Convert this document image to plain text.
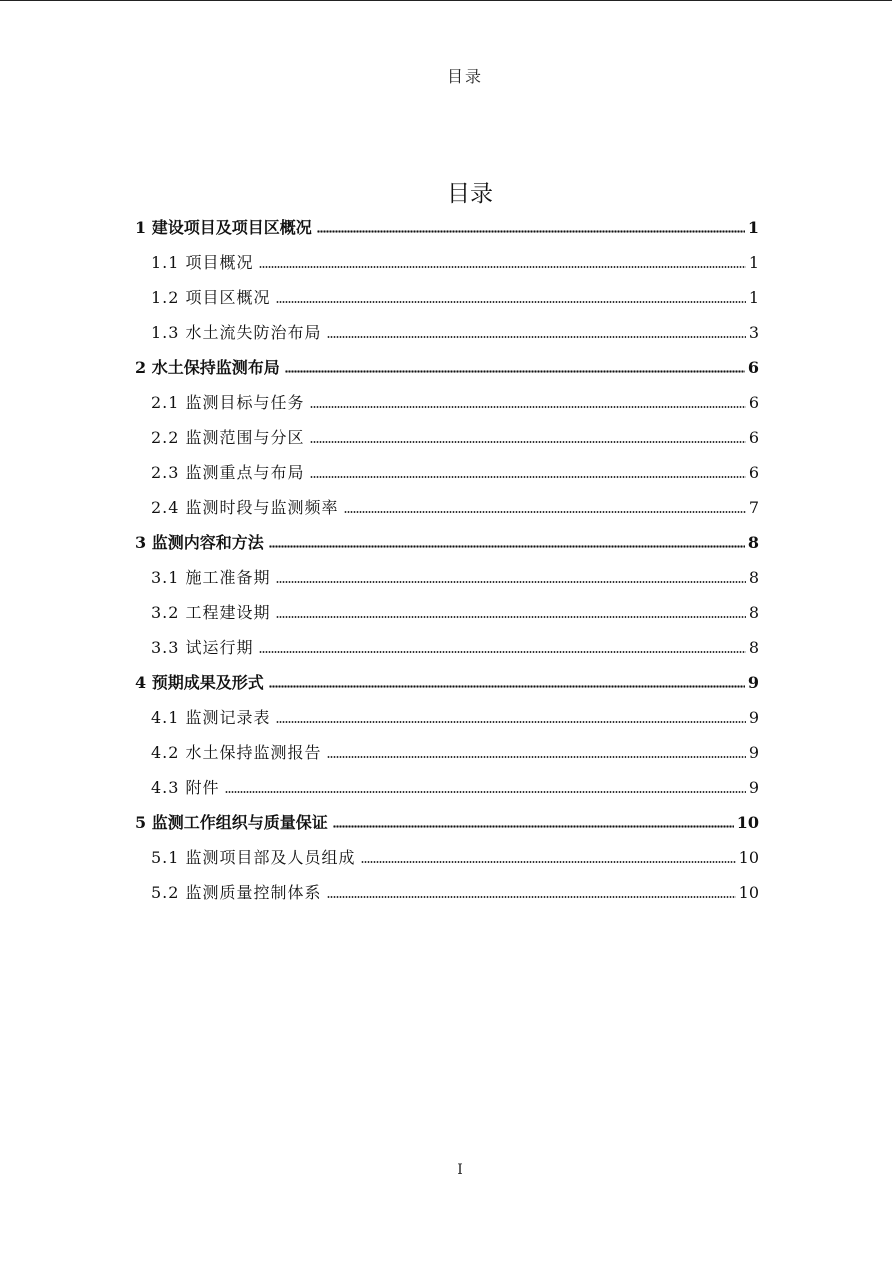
目录
目录
1 建设项目及项目区概况	1
1.1 项目概况	1
1.2 项目区概况	1
1.3 水土流失防治布局	3
2 水土保持监测布局	6
2.1 监测目标与任务	6
2.2 监测范围与分区	6
2.3 监测重点与布局	6
2.4 监测时段与监测频率	7
3 监测内容和方法	8
3.1 施工准备期	8
3.2 工程建设期	8
3.3 试运行期	8
4 预期成果及形式	9
4.1 监测记录表	9
4.2 水土保持监测报告	9
4.3 附件	9
5 监测工作组织与质量保证	10
5.1 监测项目部及人员组成	10
5.2 监测质量控制体系	10
I
